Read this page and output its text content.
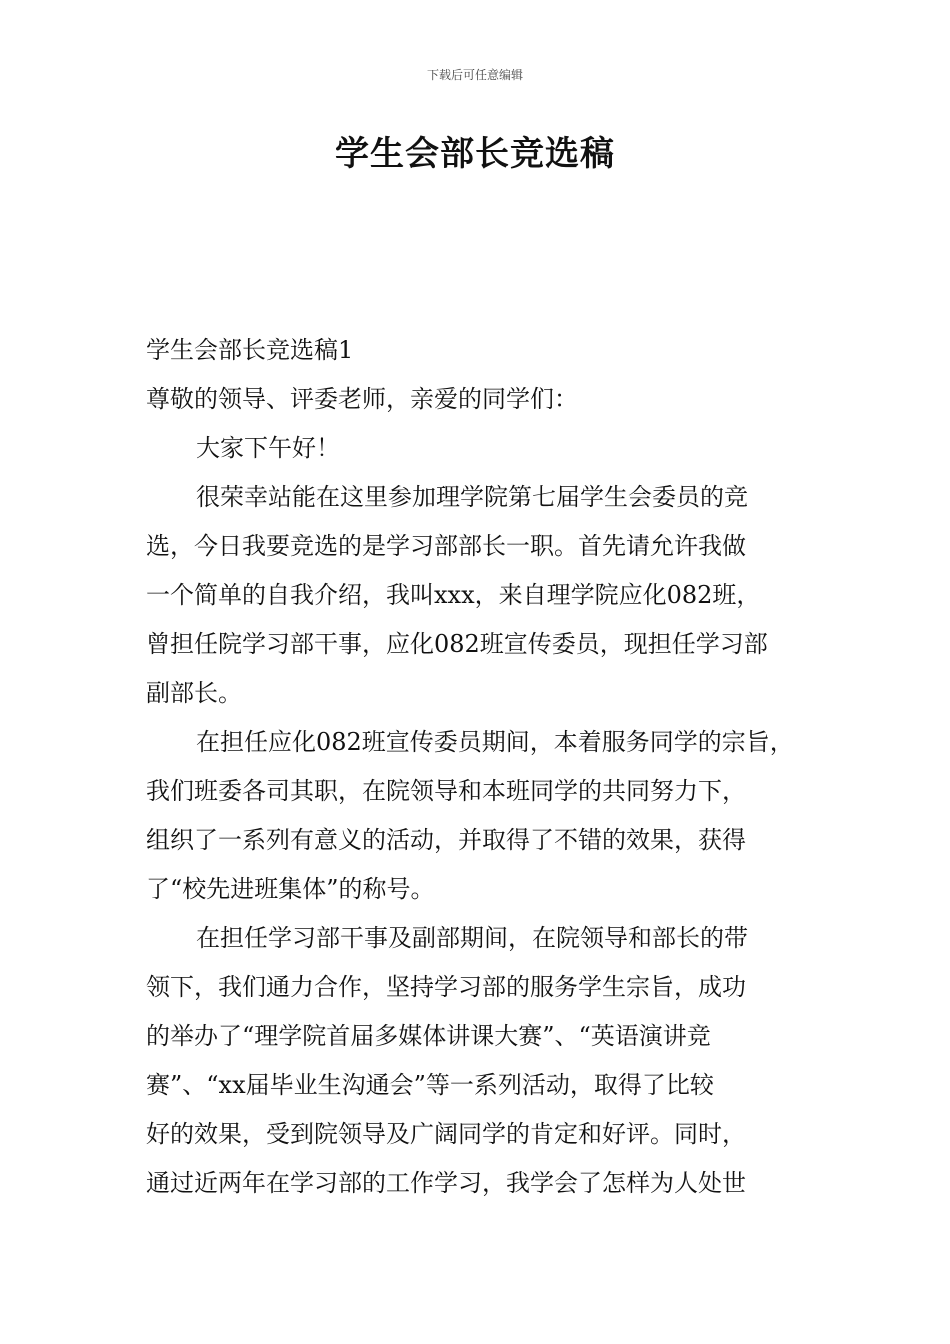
下载后可任意编辑
学生会部长竞选稿
学生会部长竞选稿1
尊敬的领导、评委老师，亲爱的同学们：
大家下午好！
很荣幸站能在这里参加理学院第七届学生会委员的竞
选，今日我要竞选的是学习部部长一职。首先请允许我做
一个简单的自我介绍，我叫xxx，来自理学院应化082班，
曾担任院学习部干事，应化082班宣传委员，现担任学习部
副部长。
在担任应化082班宣传委员期间，本着服务同学的宗旨，
我们班委各司其职，在院领导和本班同学的共同努力下，
组织了一系列有意义的活动，并取得了不错的效果，获得
了“校先进班集体”的称号。
在担任学习部干事及副部期间，在院领导和部长的带
领下，我们通力合作，坚持学习部的服务学生宗旨，成功
的举办了“理学院首届多媒体讲课大赛”、“英语演讲竞
赛”、“xx届毕业生沟通会”等一系列活动，取得了比较
好的效果，受到院领导及广阔同学的肯定和好评。同时，
通过近两年在学习部的工作学习，我学会了怎样为人处世
